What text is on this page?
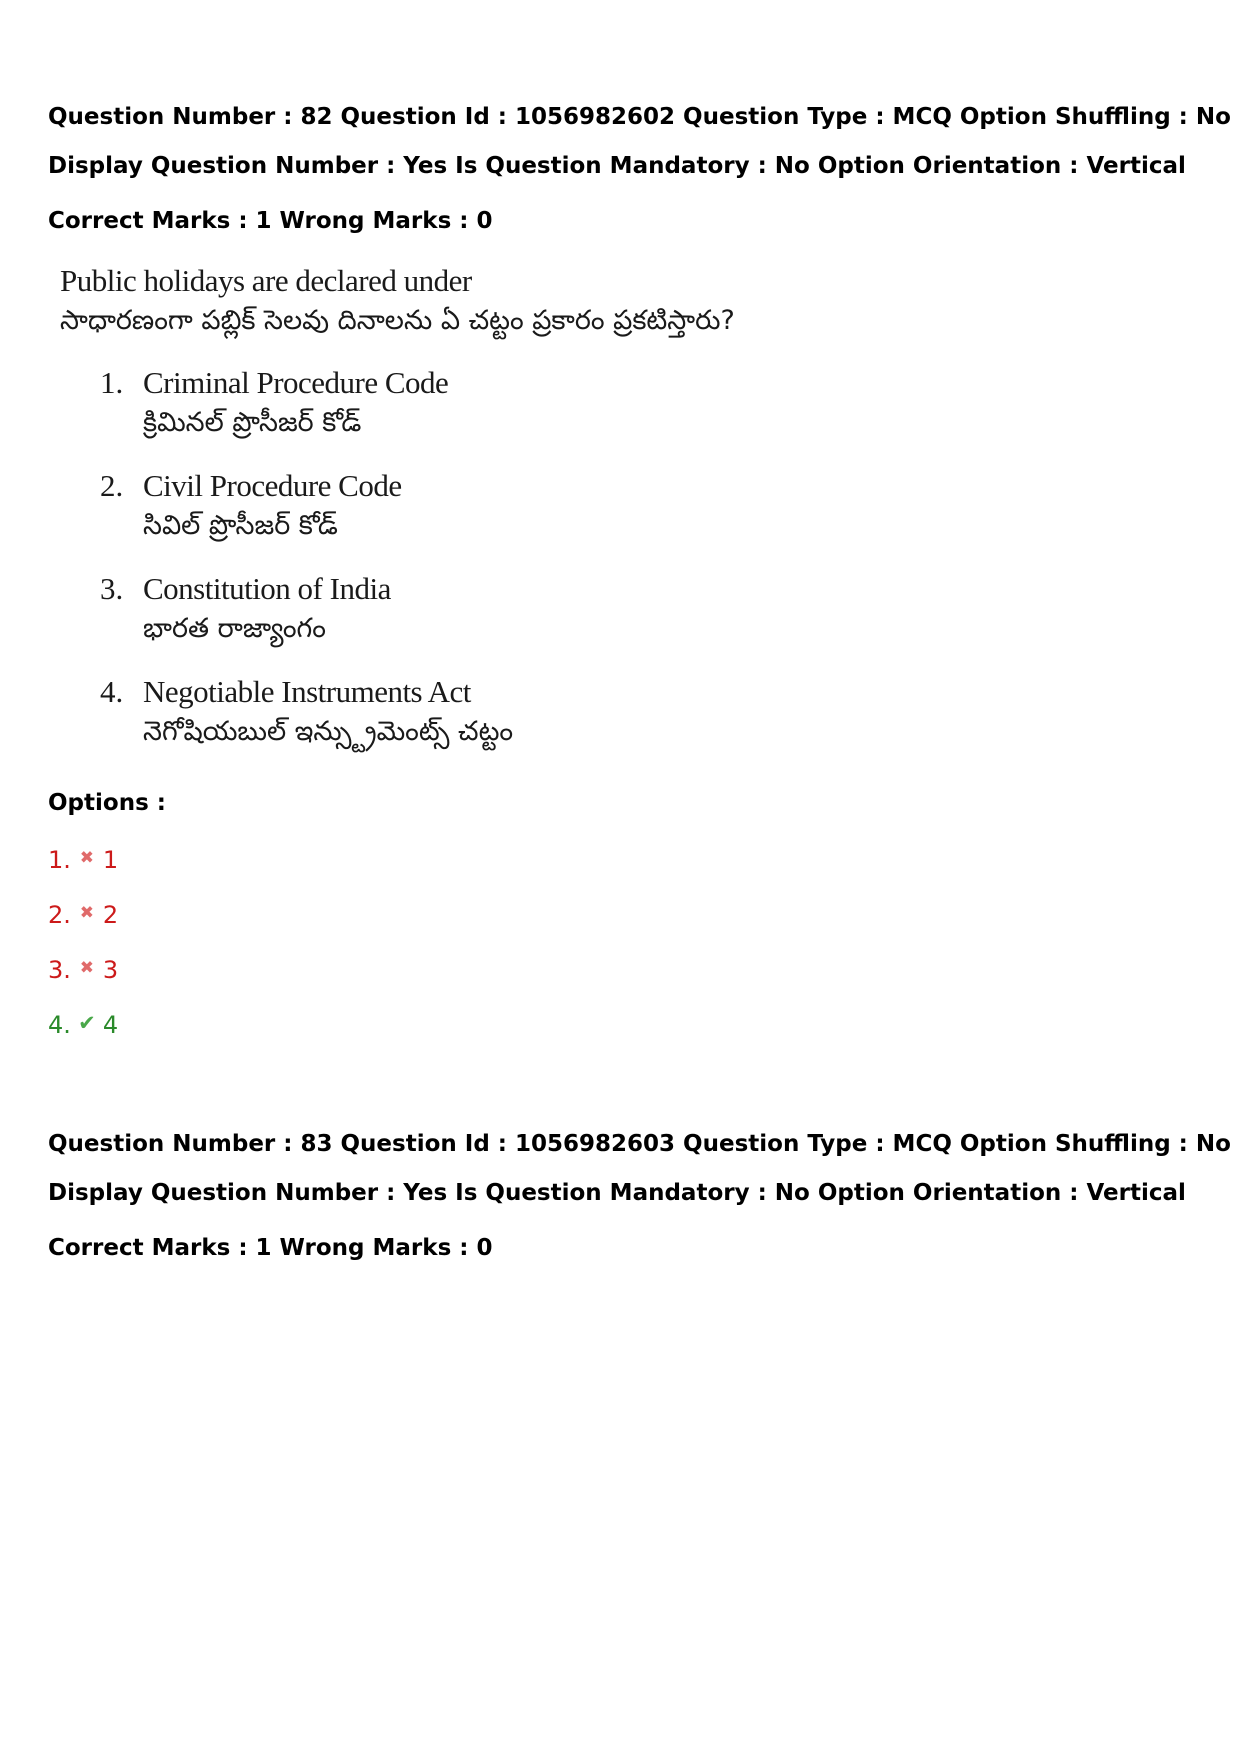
Question Number : 82 Question Id : 1056982602 Question Type : MCQ Option Shuffling : No
Display Question Number : Yes Is Question Mandatory : No Option Orientation : Vertical
Correct Marks : 1 Wrong Marks : 0
Public holidays are declared under
సాధారణంగా పబ్లిక్ సెలవు దినాలను ఏ చట్టం ప్రకారం ప్రకటిస్తారు?
1. Criminal Procedure Code
క్రిమినల్ ప్రొసీజర్ కోడ్
2. Civil Procedure Code
సివిల్ ప్రొసీజర్ కోడ్
3. Constitution of India
భారత రాజ్యాంగం
4. Negotiable Instruments Act
నెగోషియబుల్ ఇన్స్ట్రుమెంట్స్ చట్టం
Options :
1. ✖ 1
2. ✖ 2
3. ✖ 3
4. ✔ 4
Question Number : 83 Question Id : 1056982603 Question Type : MCQ Option Shuffling : No
Display Question Number : Yes Is Question Mandatory : No Option Orientation : Vertical
Correct Marks : 1 Wrong Marks : 0
